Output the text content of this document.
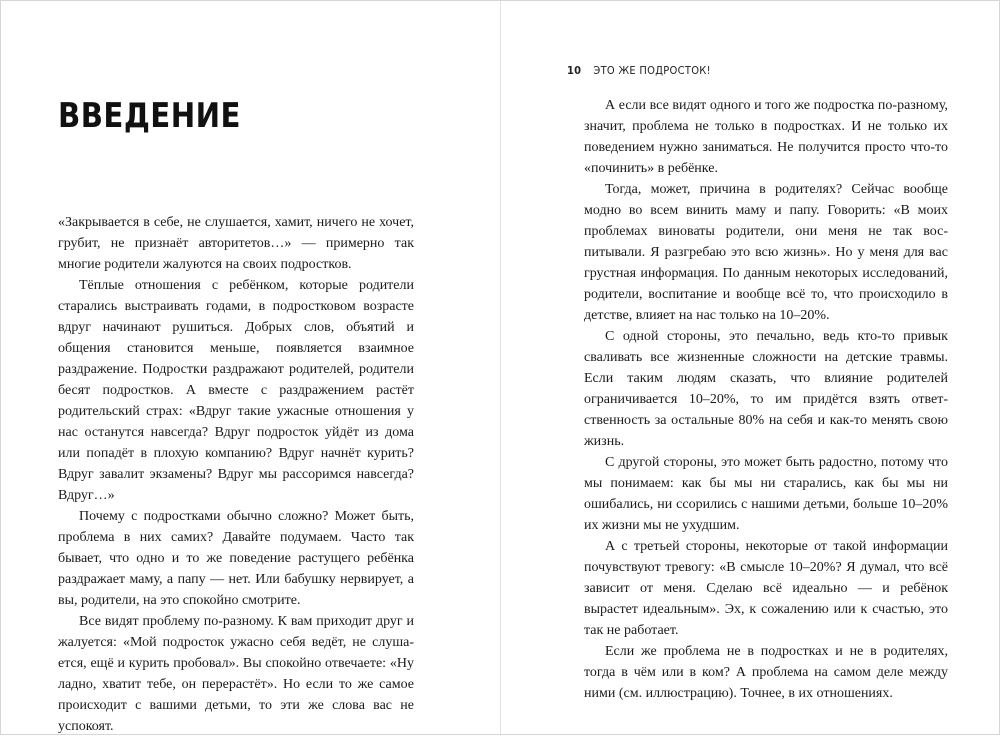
ВВЕДЕНИЕ

«Закрывается в себе, не слушается, хамит, ничего не хочет, грубит, не признаёт авторитетов…» — примерно так многие родители жалуются на своих подростков.

Тёплые отношения с ребёнком, которые родители старались выстраивать годами, в подростковом возрасте вдруг начинают рушиться. Добрых слов, объятий и общения становится меньше, появляется взаимное раздражение. Подростки раздражают родителей, родители бесят подростков. А вместе с раздражением растёт родительский страх: «Вдруг такие ужасные отношения у нас останутся навсегда? Вдруг подросток уйдёт из дома или попадёт в плохую компанию? Вдруг начнёт курить? Вдруг завалит экзамены? Вдруг мы рассоримся навсегда? Вдруг…»

Почему с подростками обычно сложно? Может быть, проблема в них самих? Давайте подумаем. Часто так бывает, что одно и то же поведение растущего ребёнка раздражает маму, а папу — нет. Или бабушку нервирует, а вы, родители, на это спокойно смотрите.

Все видят проблему по-разному. К вам приходит друг и жалуется: «Мой подросток ужасно себя ведёт, не слушается, ещё и курить пробовал». Вы спокойно отвечаете: «Ну ладно, хватит тебе, он перерастёт». Но если то же самое происходит с вашими детьми, то эти же слова вас не успокоят.

10 ЭТО ЖЕ ПОДРОСТОК!

А если все видят одного и того же подростка по-разному, значит, проблема не только в подростках. И не только их поведением нужно заниматься. Не получится просто что-то «починить» в ребёнке.

Тогда, может, причина в родителях? Сейчас вообще модно во всем винить маму и папу. Говорить: «В моих проблемах виноваты родители, они меня не так воспитывали. Я разгребаю это всю жизнь». Но у меня для вас грустная информация. По данным некоторых исследований, родители, воспитание и вообще всё то, что происходило в детстве, влияет на нас только на 10–20%.

С одной стороны, это печально, ведь кто-то привык сваливать все жизненные сложности на детские травмы. Если таким людям сказать, что влияние родителей ограничивается 10–20%, то им придётся взять ответственность за остальные 80% на себя и как-то менять свою жизнь.

С другой стороны, это может быть радостно, потому что мы понимаем: как бы мы ни старались, как бы мы ни ошибались, ни ссорились с нашими детьми, больше 10–20% их жизни мы не ухудшим.

А с третьей стороны, некоторые от такой информации почувствуют тревогу: «В смысле 10–20%? Я думал, что всё зависит от меня. Сделаю всё идеально — и ребёнок вырастет идеальным». Эх, к сожалению или к счастью, это так не работает.

Если же проблема не в подростках и не в родителях, тогда в чём или в ком? А проблема на самом деле между ними (см. иллюстрацию). Точнее, в их отношениях.
